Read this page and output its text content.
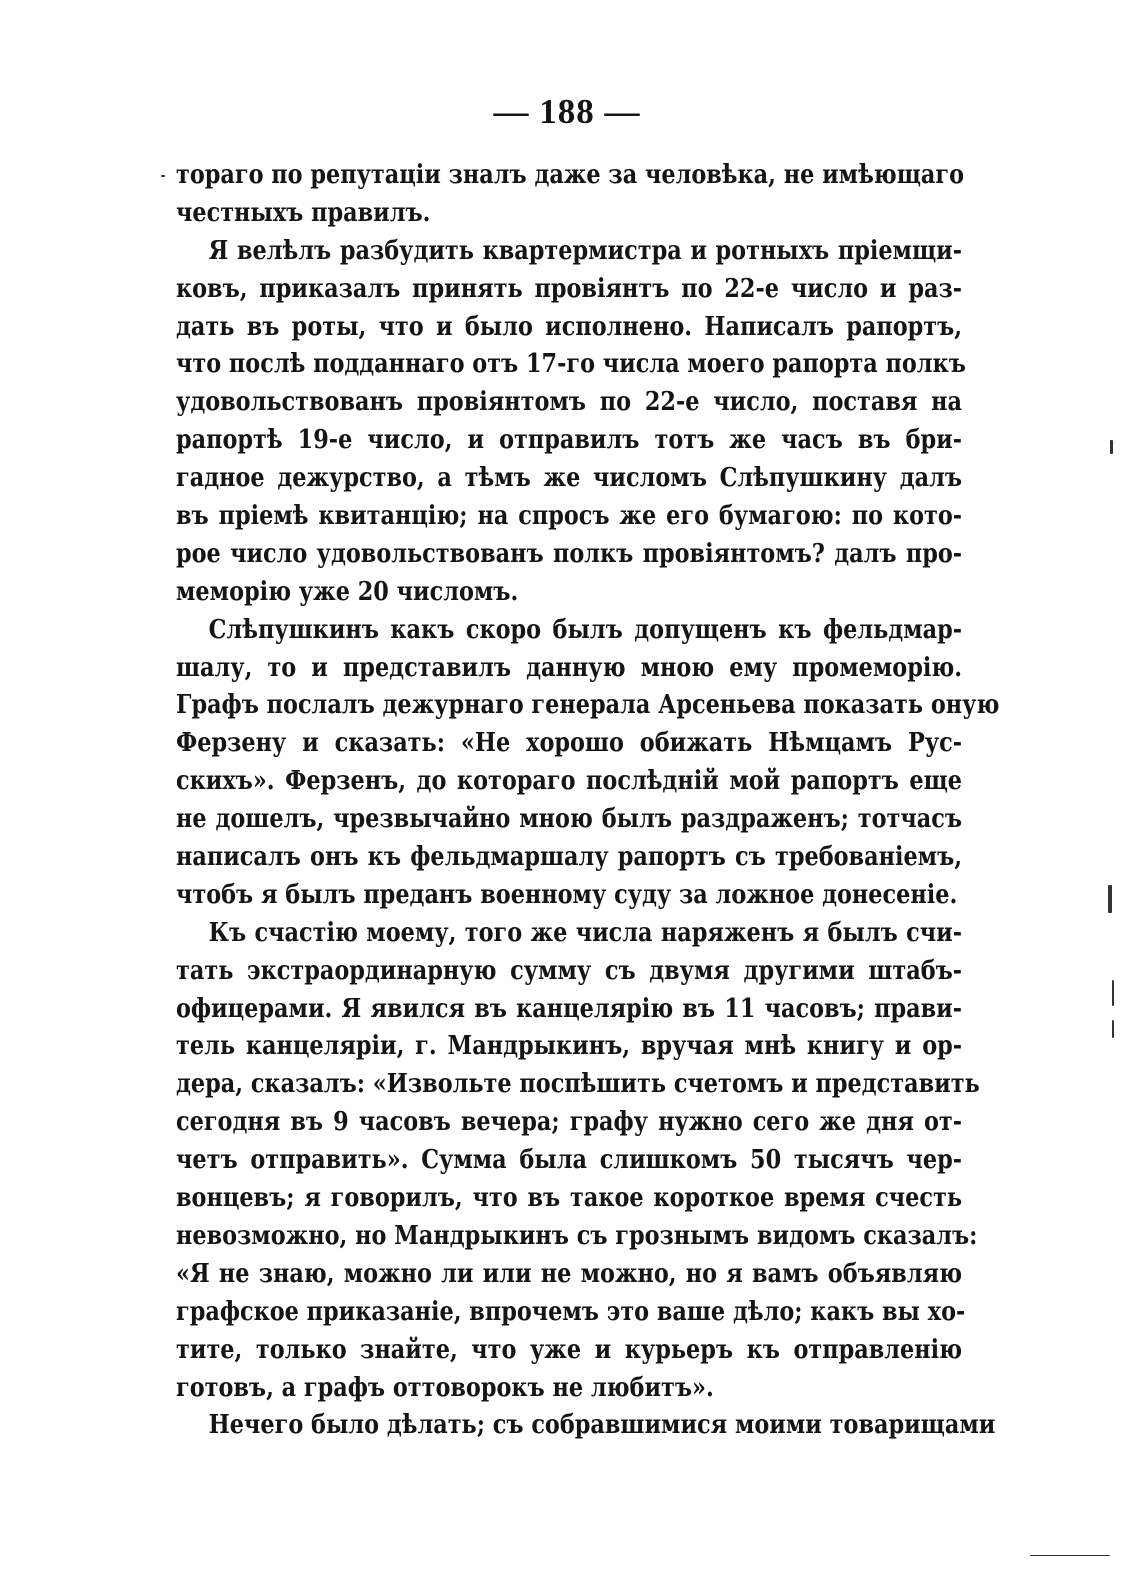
— 188 —
тораго по репутаціи зналъ даже за человѣка, не имѣющаго
честныхъ правилъ.
Я велѣлъ разбудить квартермистра и ротныхъ пріемщи-
ковъ, приказалъ принять провіянтъ по 22-е число и раз-
дать въ роты, что и было исполнено. Написалъ рапортъ,
что послѣ подданнаго отъ 17-го числа моего рапорта полкъ
удовольствованъ провіянтомъ по 22-е число, поставя на
рапортѣ 19-е число, и отправилъ тотъ же часъ въ бри-
гадное дежурство, а тѣмъ же числомъ Слѣпушкину далъ
въ пріемѣ квитанцію; на спросъ же его бумагою: по кото-
рое число удовольствованъ полкъ провіянтомъ? далъ про-
меморію уже 20 числомъ.
Слѣпушкинъ какъ скоро былъ допущенъ къ фельдмар-
шалу, то и представилъ данную мною ему промеморію.
Графъ послалъ дежурнаго генерала Арсеньева показать оную
Ферзену и сказать: «Не хорошо обижать Нѣмцамъ Рус-
скихъ». Ферзенъ, до котораго послѣдній мой рапортъ еще
не дошелъ, чрезвычайно мною былъ раздраженъ; тотчасъ
написалъ онъ къ фельдмаршалу рапортъ съ требованіемъ,
чтобъ я былъ преданъ военному суду за ложное донесеніе.
Къ счастію моему, того же числа наряженъ я былъ счи-
тать экстраординарную сумму съ двумя другими штабъ-
офицерами. Я явился въ канцелярію въ 11 часовъ; прави-
тель канцеляріи, г. Мандрыкинъ, вручая мнѣ книгу и ор-
дера, сказалъ: «Извольте поспѣшить счетомъ и представить
сегодня въ 9 часовъ вечера; графу нужно сего же дня от-
четъ отправить». Сумма была слишкомъ 50 тысячъ чер-
вонцевъ; я говорилъ, что въ такое короткое время счесть
невозможно, но Мандрыкинъ съ грознымъ видомъ сказалъ:
«Я не знаю, можно ли или не можно, но я вамъ объявляю
графское приказаніе, впрочемъ это ваше дѣло; какъ вы хо-
тите, только знайте, что уже и курьеръ къ отправленію
готовъ, а графъ оттоворокъ не любитъ».
Нечего было дѣлать; съ собравшимися моими товарищами
